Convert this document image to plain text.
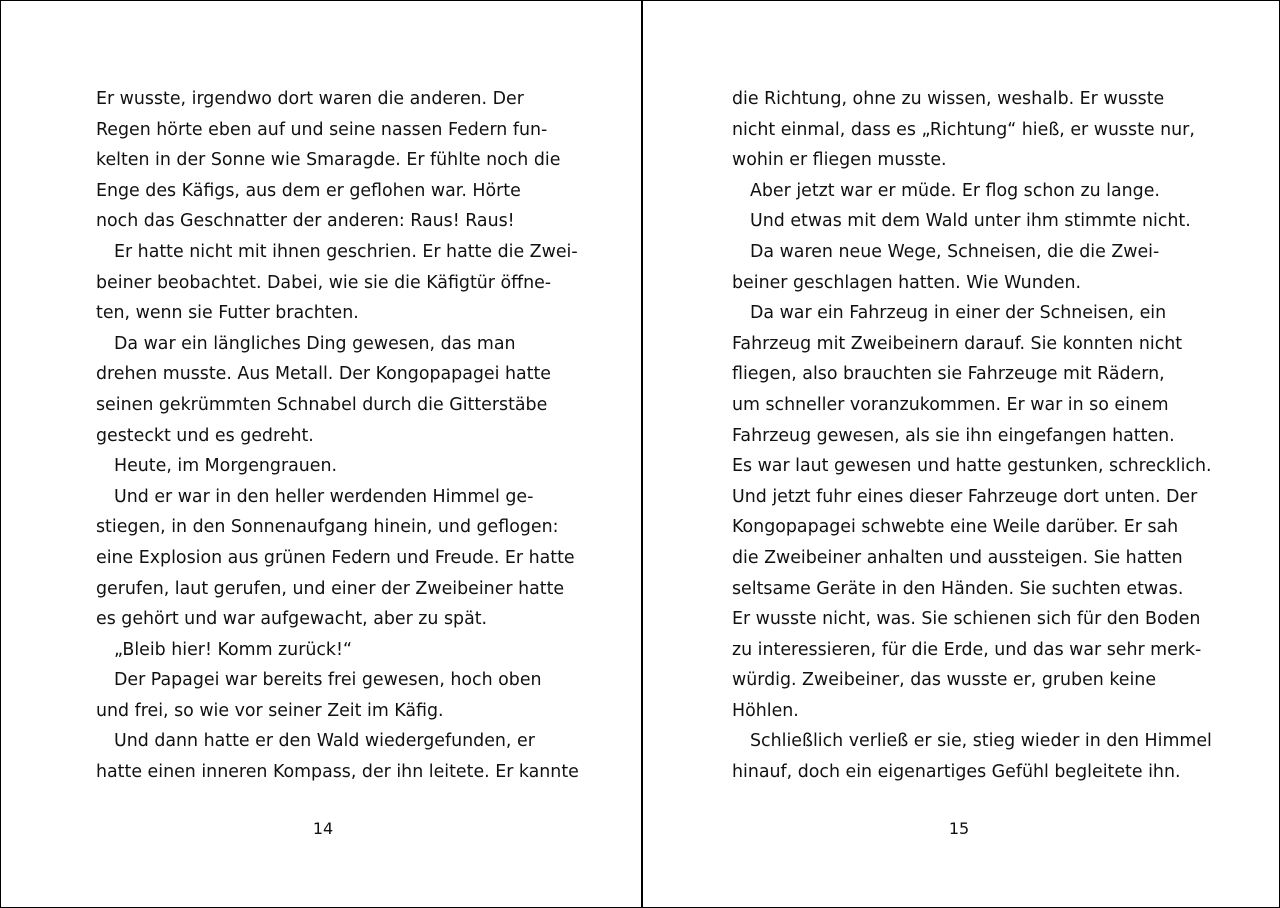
Er wusste, irgendwo dort waren die anderen. Der
Regen hörte eben auf und seine nassen Federn fun-
kelten in der Sonne wie Smaragde. Er fühlte noch die
Enge des Käfigs, aus dem er geflohen war. Hörte
noch das Geschnatter der anderen: Raus! Raus!
Er hatte nicht mit ihnen geschrien. Er hatte die Zwei-
beiner beobachtet. Dabei, wie sie die Käfigtür öffne-
ten, wenn sie Futter brachten.
Da war ein längliches Ding gewesen, das man
drehen musste. Aus Metall. Der Kongopapagei hatte
seinen gekrümmten Schnabel durch die Gitterstäbe
gesteckt und es gedreht.
Heute, im Morgengrauen.
Und er war in den heller werdenden Himmel ge-
stiegen, in den Sonnenaufgang hinein, und geflogen:
eine Explosion aus grünen Federn und Freude. Er hatte
gerufen, laut gerufen, und einer der Zweibeiner hatte
es gehört und war aufgewacht, aber zu spät.
„Bleib hier! Komm zurück!“
Der Papagei war bereits frei gewesen, hoch oben
und frei, so wie vor seiner Zeit im Käfig.
Und dann hatte er den Wald wiedergefunden, er
hatte einen inneren Kompass, der ihn leitete. Er kannte
14
die Richtung, ohne zu wissen, weshalb. Er wusste
nicht einmal, dass es „Richtung“ hieß, er wusste nur,
wohin er fliegen musste.
Aber jetzt war er müde. Er flog schon zu lange.
Und etwas mit dem Wald unter ihm stimmte nicht.
Da waren neue Wege, Schneisen, die die Zwei-
beiner geschlagen hatten. Wie Wunden.
Da war ein Fahrzeug in einer der Schneisen, ein
Fahrzeug mit Zweibeinern darauf. Sie konnten nicht
fliegen, also brauchten sie Fahrzeuge mit Rädern,
um schneller voranzukommen. Er war in so einem
Fahrzeug gewesen, als sie ihn eingefangen hatten.
Es war laut gewesen und hatte gestunken, schrecklich.
Und jetzt fuhr eines dieser Fahrzeuge dort unten. Der
Kongopapagei schwebte eine Weile darüber. Er sah
die Zweibeiner anhalten und aussteigen. Sie hatten
seltsame Geräte in den Händen. Sie suchten etwas.
Er wusste nicht, was. Sie schienen sich für den Boden
zu interessieren, für die Erde, und das war sehr merk-
würdig. Zweibeiner, das wusste er, gruben keine
Höhlen.
Schließlich verließ er sie, stieg wieder in den Himmel
hinauf, doch ein eigenartiges Gefühl begleitete ihn.
15
